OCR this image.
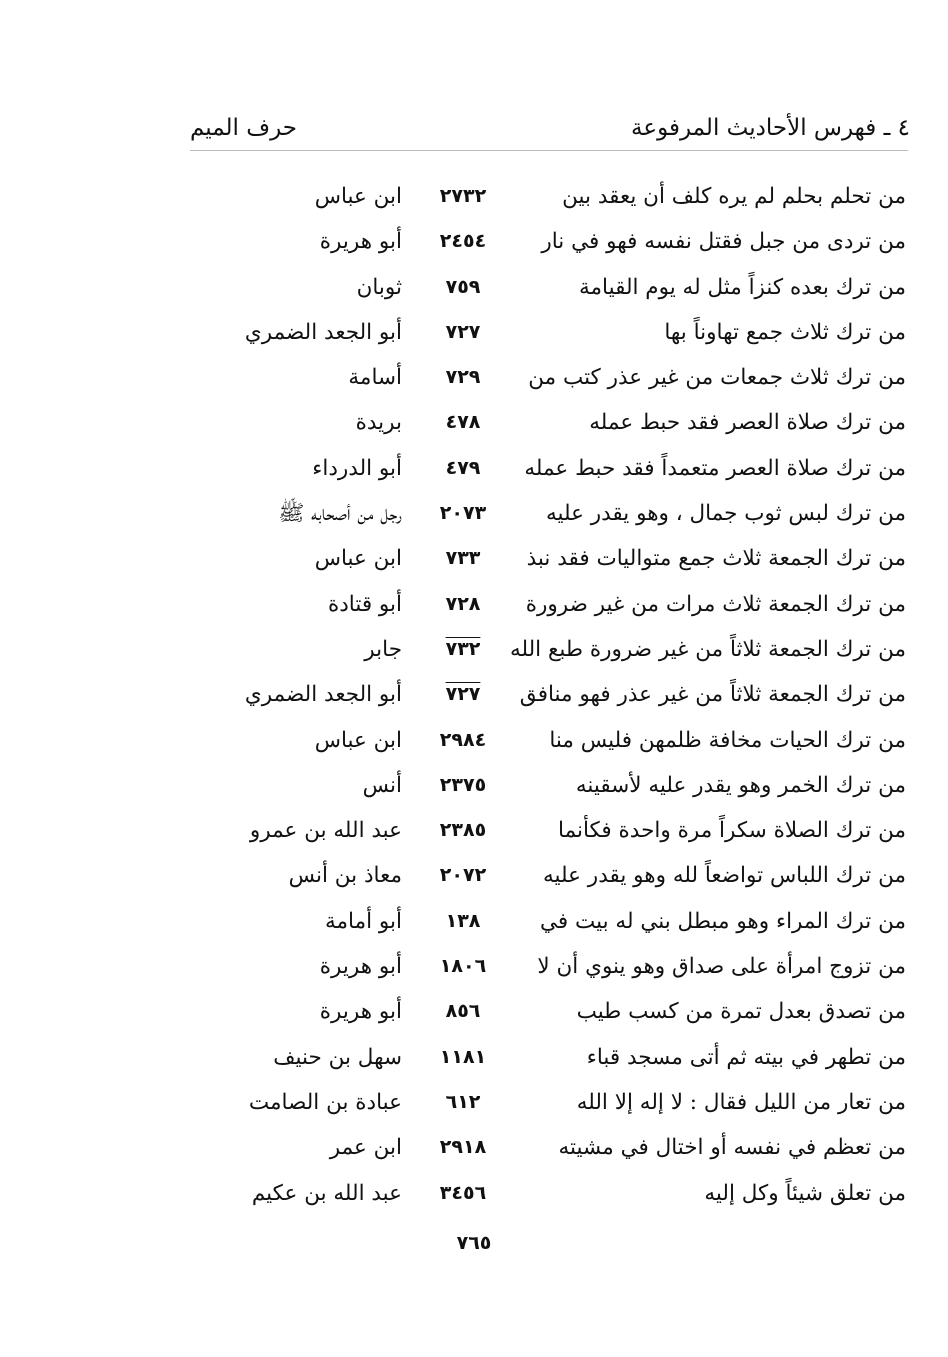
٤ ـ فهرس الأحاديث المرفوعة
حرف الميم
من تحلم بحلم لم يره كلف أن يعقد بين
٢٧٣٢
ابن عباس
من تردى من جبل فقتل نفسه فهو في نار
٢٤٥٤
أبو هريرة
من ترك بعده كنزاً مثل له يوم القيامة
٧٥٩
ثوبان
من ترك ثلاث جمع تهاوناً بها
٧٢٧
أبو الجعد الضمري
من ترك ثلاث جمعات من غير عذر كتب من
٧٢٩
أسامة
من ترك صلاة العصر فقد حبط عمله
٤٧٨
بريدة
من ترك صلاة العصر متعمداً فقد حبط عمله
٤٧٩
أبو الدرداء
من ترك لبس ثوب جمال ، وهو يقدر عليه
٢٠٧٣
رجل من أصحابه ﷺ
من ترك الجمعة ثلاث جمع متواليات فقد نبذ
٧٣٣
ابن عباس
من ترك الجمعة ثلاث مرات من غير ضرورة
٧٢٨
أبو قتادة
من ترك الجمعة ثلاثاً من غير ضرورة طبع الله
٧٣٢
جابر
من ترك الجمعة ثلاثاً من غير عذر فهو منافق
٧٢٧
أبو الجعد الضمري
من ترك الحيات مخافة ظلمهن فليس منا
٢٩٨٤
ابن عباس
من ترك الخمر وهو يقدر عليه لأسقينه
٢٣٧٥
أنس
من ترك الصلاة سكراً مرة واحدة فكأنما
٢٣٨٥
عبد الله بن عمرو
من ترك اللباس تواضعاً لله وهو يقدر عليه
٢٠٧٢
معاذ بن أنس
من ترك المراء وهو مبطل بني له بيت في
١٣٨
أبو أمامة
من تزوج امرأة على صداق وهو ينوي أن لا
١٨٠٦
أبو هريرة
من تصدق بعدل تمرة من كسب طيب
٨٥٦
أبو هريرة
من تطهر في بيته ثم أتى مسجد قباء
١١٨١
سهل بن حنيف
من تعار من الليل فقال : لا إله إلا الله
٦١٢
عبادة بن الصامت
من تعظم في نفسه أو اختال في مشيته
٢٩١٨
ابن عمر
من تعلق شيئاً وكل إليه
٣٤٥٦
عبد الله بن عكيم
٧٦٥
